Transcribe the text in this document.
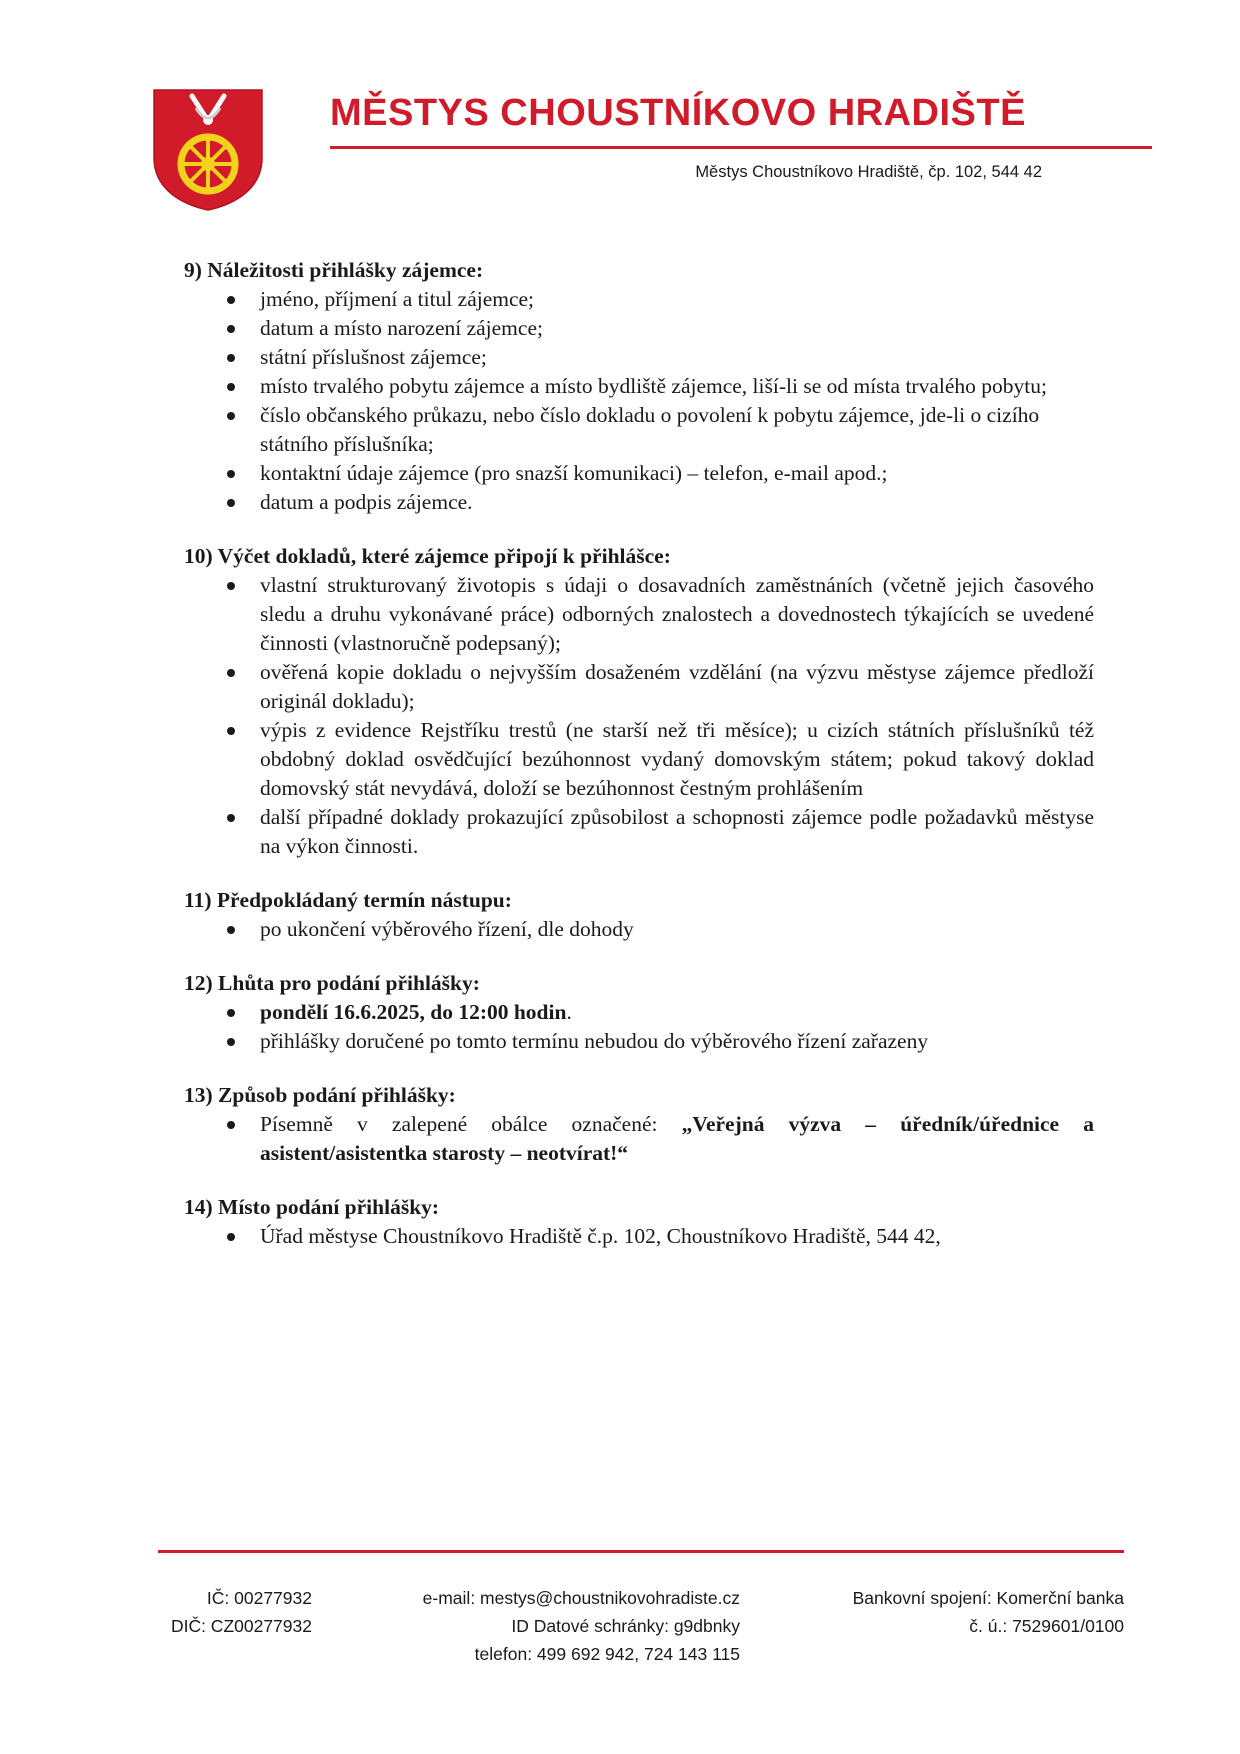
MĚSTYS CHOUSTNÍKOVO HRADIŠTĚ
Městys Choustníkovo Hradiště, čp. 102, 544 42

9) Náležitosti přihlášky zájemce:

jméno, příjmení a titul zájemce;
datum a místo narození zájemce;
státní příslušnost zájemce;
místo trvalého pobytu zájemce a místo bydliště zájemce, liší-li se od místa trvalého pobytu;
číslo občanského průkazu, nebo číslo dokladu o povolení k pobytu zájemce, jde-li o cizího státního příslušníka;
kontaktní údaje zájemce (pro snazší komunikaci) – telefon, e-mail apod.;
datum a podpis zájemce.

10) Výčet dokladů, které zájemce připojí k přihlášce:

vlastní strukturovaný životopis s údaji o dosavadních zaměstnáních (včetně jejich časového sledu a druhu vykonávané práce) odborných znalostech a dovednostech týkajících se uvedené činnosti (vlastnoručně podepsaný);
ověřená kopie dokladu o nejvyšším dosaženém vzdělání (na výzvu městyse zájemce předloží originál dokladu);
výpis z evidence Rejstříku trestů (ne starší než tři měsíce); u cizích státních příslušníků též obdobný doklad osvědčující bezúhonnost vydaný domovským státem; pokud takový doklad domovský stát nevydává, doloží se bezúhonnost čestným prohlášením
další případné doklady prokazující způsobilost a schopnosti zájemce podle požadavků městyse na výkon činnosti.

11) Předpokládaný termín nástupu:

po ukončení výběrového řízení, dle dohody

12) Lhůta pro podání přihlášky:

pondělí 16.6.2025, do 12:00 hodin.
přihlášky doručené po tomto termínu nebudou do výběrového řízení zařazeny

13) Způsob podání přihlášky:

Písemně v zalepené obálce označené: „Veřejná výzva – úředník/úřednice a asistent/asistentka starosty – neotvírat!“

14) Místo podání přihlášky:

Úřad městyse Choustníkovo Hradiště č.p. 102, Choustníkovo Hradiště, 544 42,
IČ: 00277932
DIČ: CZ00277932
e-mail: mestys@choustnikovohradiste.cz
ID Datové schránky: g9dbnky
telefon: 499 692 942, 724 143 115
Bankovní spojení: Komerční banka
č. ú.: 7529601/0100
